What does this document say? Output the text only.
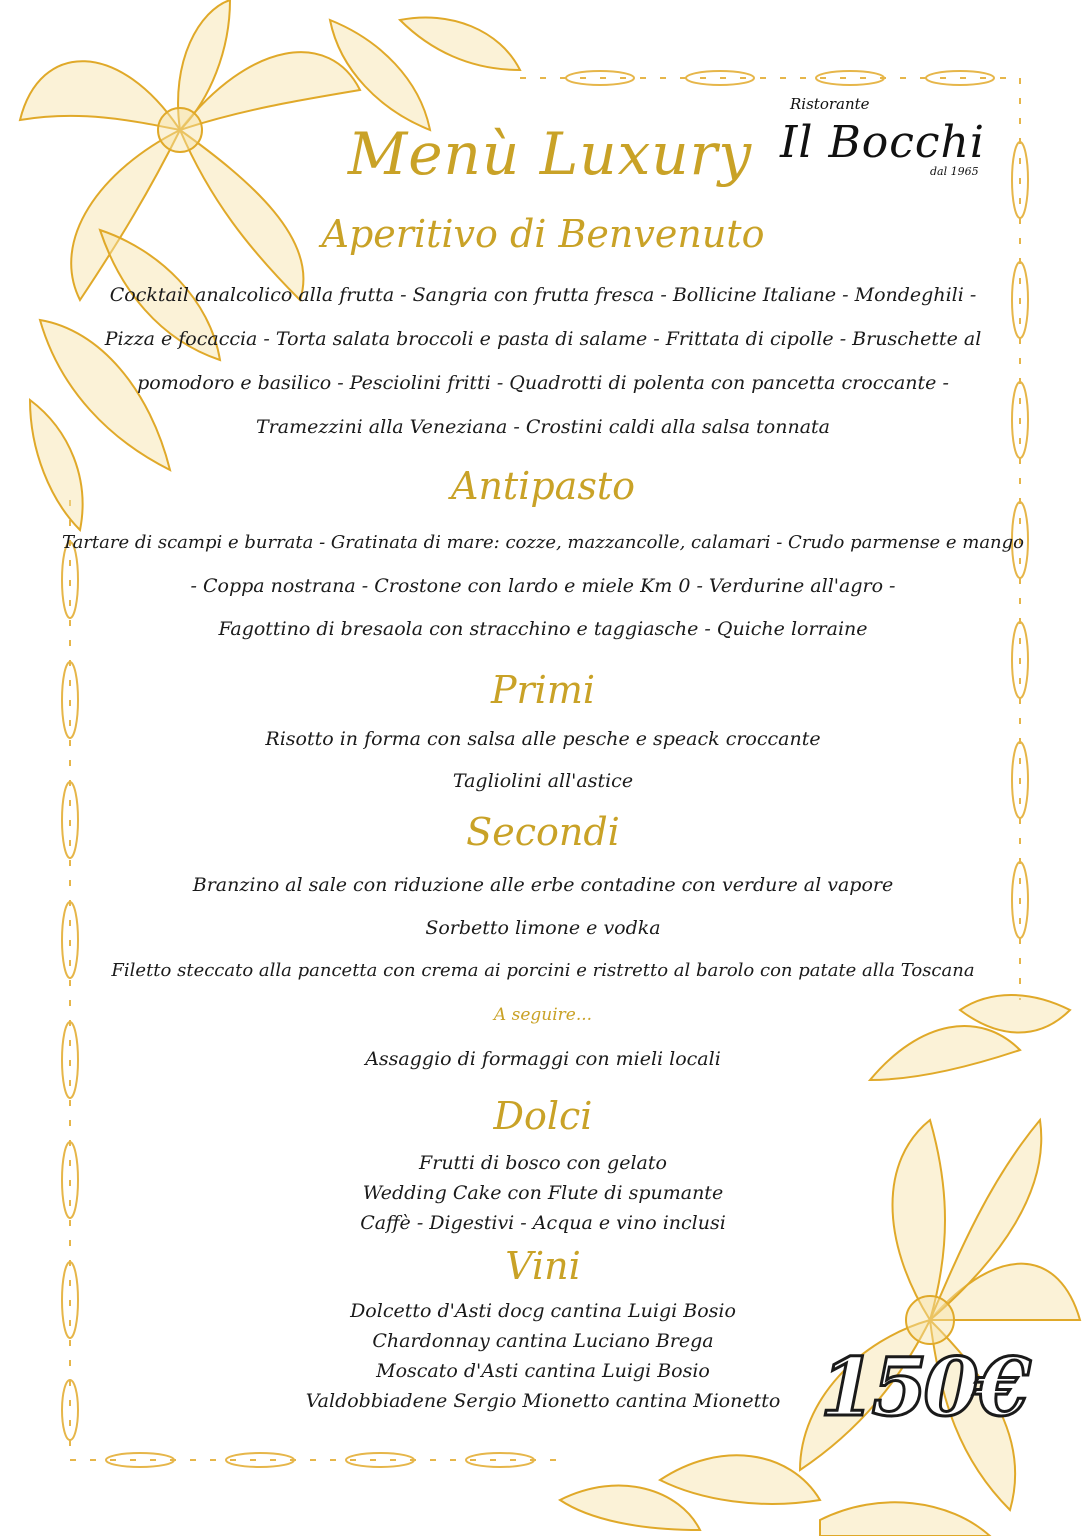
Ristorante
Il Bocchi
dal 1965
Menù Luxury
Aperitivo di Benvenuto
Cocktail analcolico alla frutta - Sangria con frutta fresca - Bollicine Italiane - Mondeghili -
Pizza e focaccia - Torta salata broccoli e pasta di salame - Frittata di cipolle - Bruschette al
pomodoro e basilico - Pesciolini fritti - Quadrotti di polenta con pancetta croccante -
Tramezzini alla Veneziana - Crostini caldi alla salsa tonnata
Antipasto
Tartare di scampi e burrata - Gratinata di mare: cozze, mazzancolle, calamari - Crudo parmense e mango
- Coppa nostrana - Crostone con lardo e miele Km 0 - Verdurine all'agro -
Fagottino di bresaola con stracchino e taggiasche - Quiche lorraine
Primi
Risotto in forma con salsa alle pesche e speack croccante
Tagliolini all'astice
Secondi
Branzino al sale con riduzione alle erbe contadine con verdure al vapore
Sorbetto limone e vodka
Filetto steccato alla pancetta con crema ai porcini e ristretto al barolo con patate alla Toscana
A seguire...
Assaggio di formaggi con mieli locali
Dolci
Frutti di bosco con gelato
Wedding Cake con Flute di spumante
Caffè - Digestivi - Acqua e vino inclusi
Vini
Dolcetto d'Asti docg cantina Luigi Bosio
Chardonnay cantina Luciano Brega
Moscato d'Asti cantina Luigi Bosio
Valdobbiadene Sergio Mionetto cantina Mionetto 150€
